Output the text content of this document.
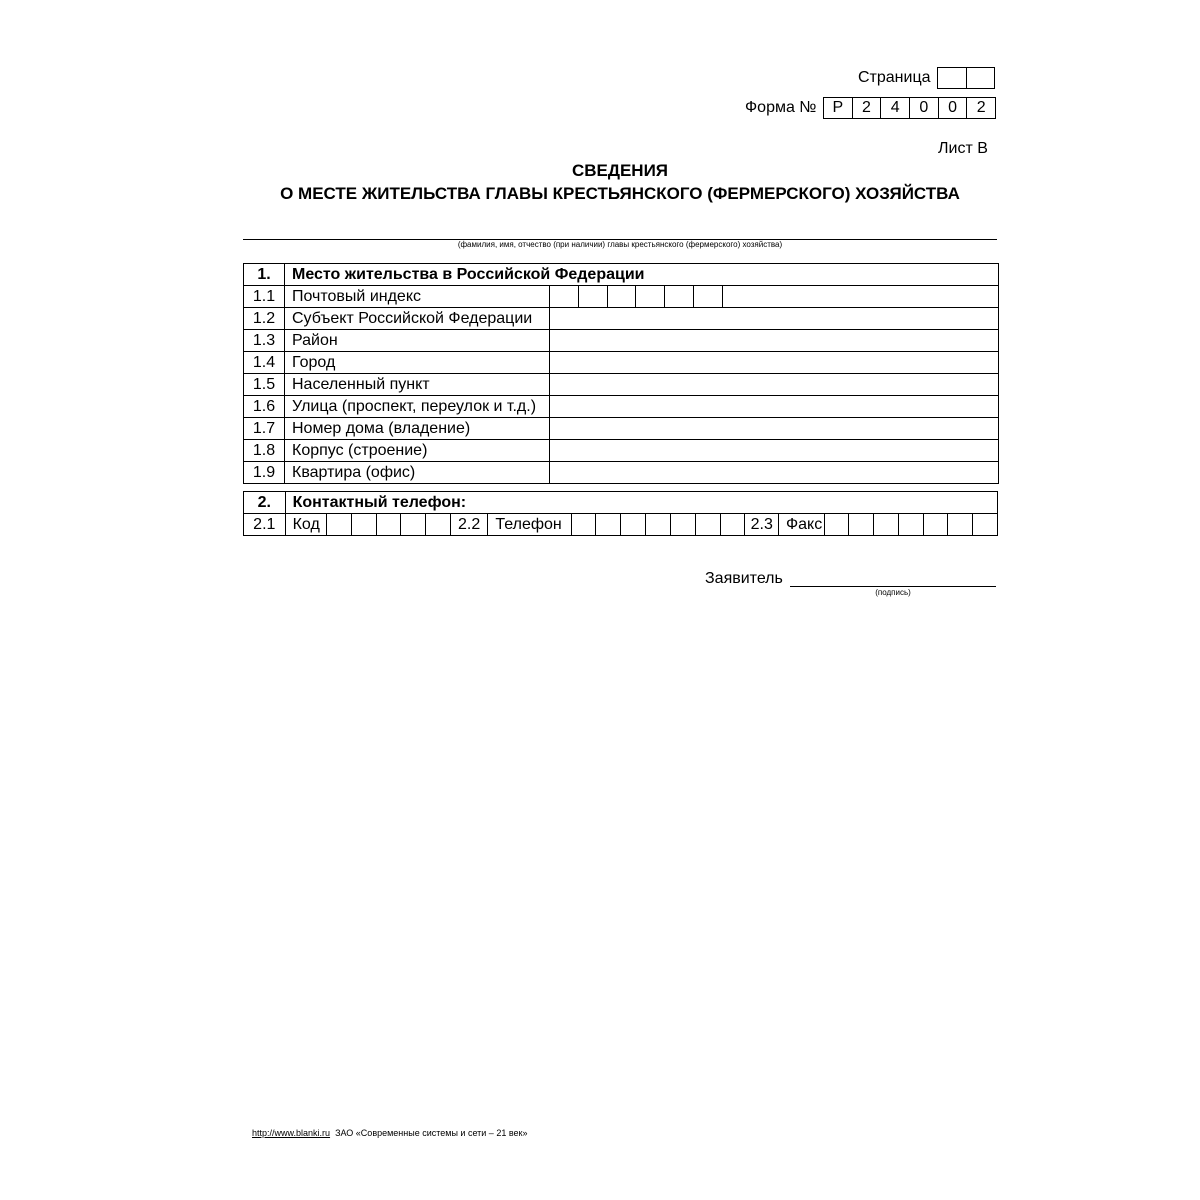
Страница
Форма №	Р	2	4	0	0	2
Лист В
СВЕДЕНИЯ
О МЕСТЕ ЖИТЕЛЬСТВА ГЛАВЫ КРЕСТЬЯНСКОГО (ФЕРМЕРСКОГО) ХОЗЯЙСТВА
(фамилия, имя, отчество (при наличии) главы крестьянского (фермерского) хозяйства)
1.	Место жительства в Российской Федерации	
1.1	Почтовый индекс	

1.2	Субъект Российской Федерации	
1.3	Район	
1.4	Город	
1.5	Населенный пункт	
1.6	Улица (проспект, переулок и т.д.)	
1.7	Номер дома (владение)	
1.8	Корпус (строение)	
1.9	Квартира (офис)	
2.	Контактный телефон:																							
2.1	Код						2.2	Телефон								2.3	Факс							
Заявитель
(подпись)
http://www.blanki.ru ЗАО «Современные системы и сети – 21 век»
